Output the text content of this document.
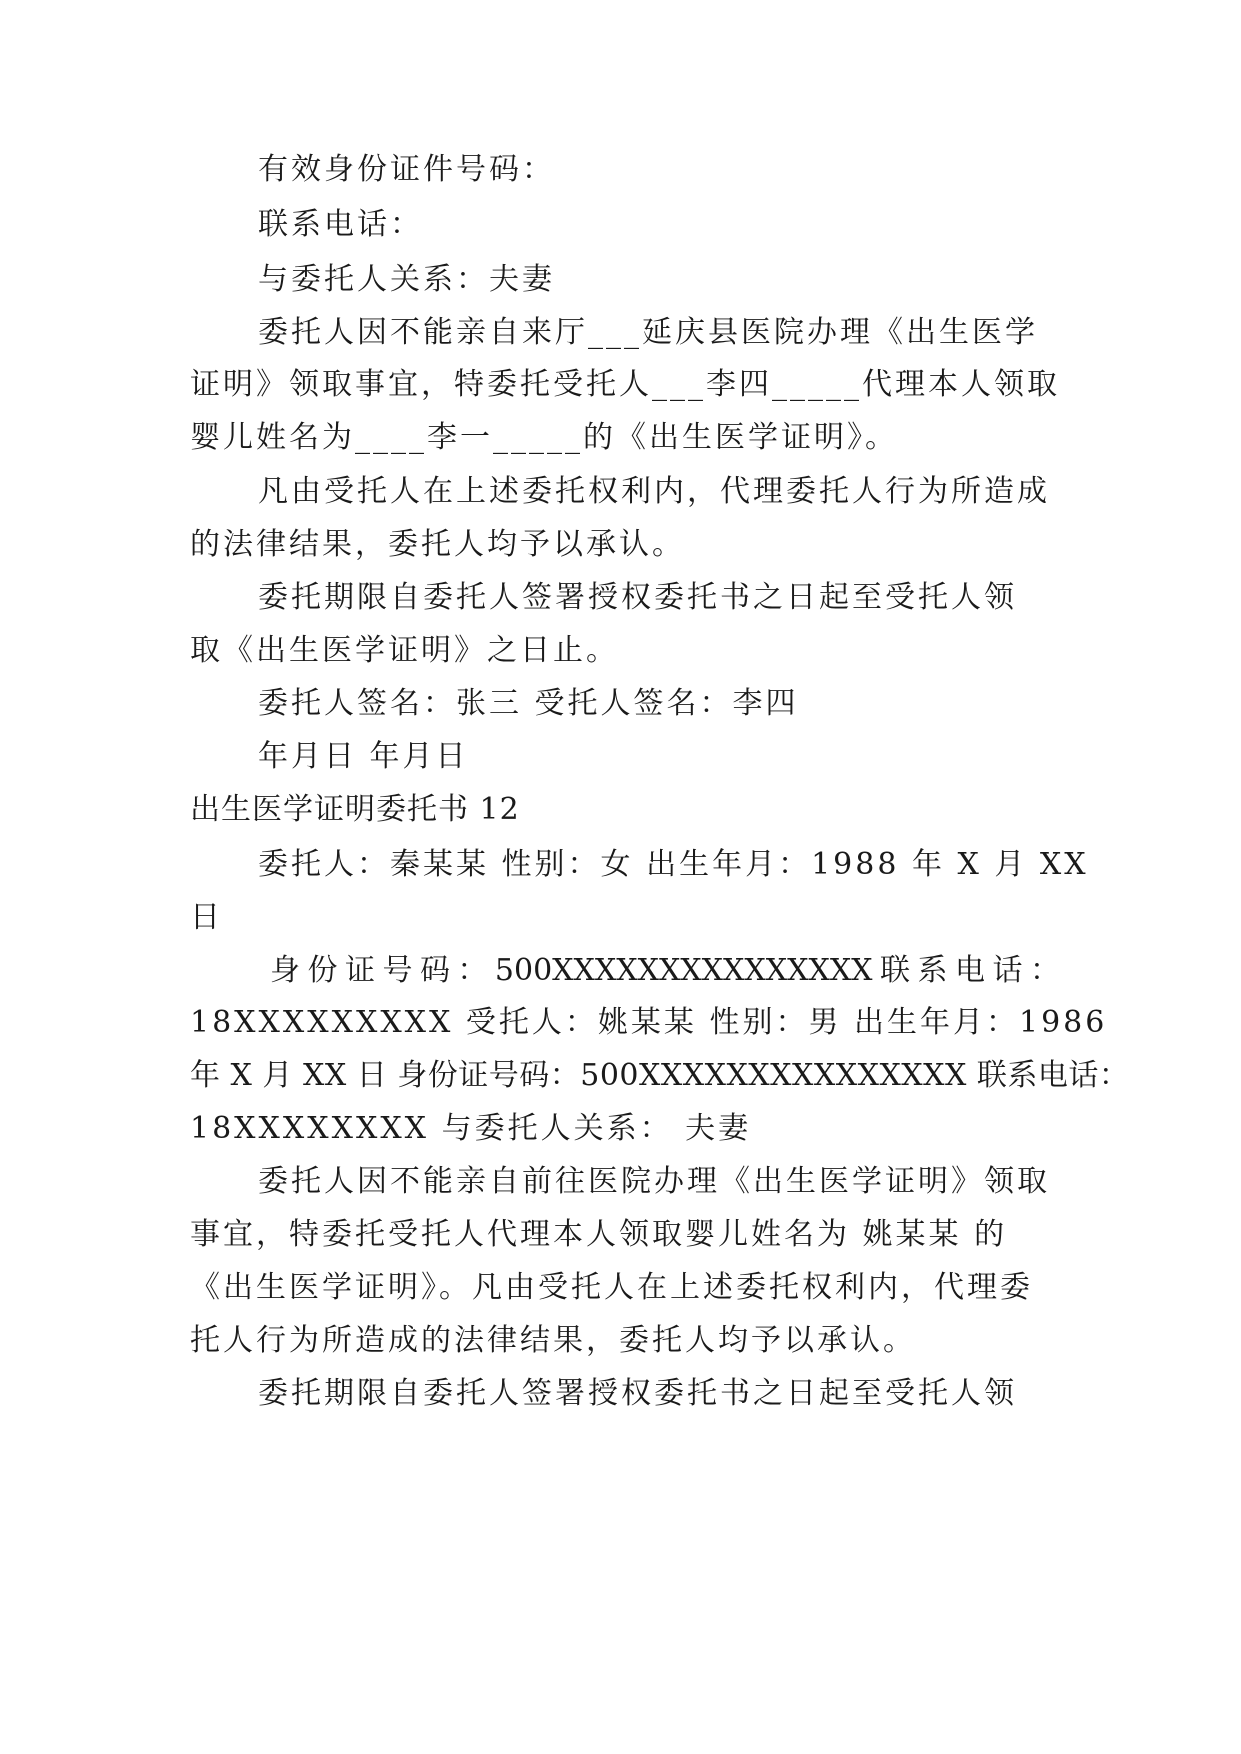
有效身份证件号码：
联系电话：
与委托人关系：夫妻
委托人因不能亲自来厅___延庆县医院办理《出生医学
证明》领取事宜，特委托受托人___李四_____代理本人领取
婴儿姓名为____李一_____的《出生医学证明》。
凡由受托人在上述委托权利内，代理委托人行为所造成
的法律结果，委托人均予以承认。
委托期限自委托人签署授权委托书之日起至受托人领
取《出生医学证明》之日止。
委托人签名：张三 受托人签名：李四
年月日 年月日
出生医学证明委托书 12
委托人：秦某某 性别：女 出生年月：1988 年 X 月 XX
日
身 份 证 号 码 ： 500XXXXXXXXXXXXXXX 联 系 电 话 ：
18XXXXXXXXX 受托人：姚某某 性别：男 出生年月：1986
年 X 月 XX 日 身份证号码：500XXXXXXXXXXXXXXX 联系电话：
18XXXXXXXX 与委托人关系： 夫妻
委托人因不能亲自前往医院办理《出生医学证明》领取
事宜，特委托受托人代理本人领取婴儿姓名为 姚某某 的
《出生医学证明》。凡由受托人在上述委托权利内，代理委
托人行为所造成的法律结果，委托人均予以承认。
委托期限自委托人签署授权委托书之日起至受托人领
